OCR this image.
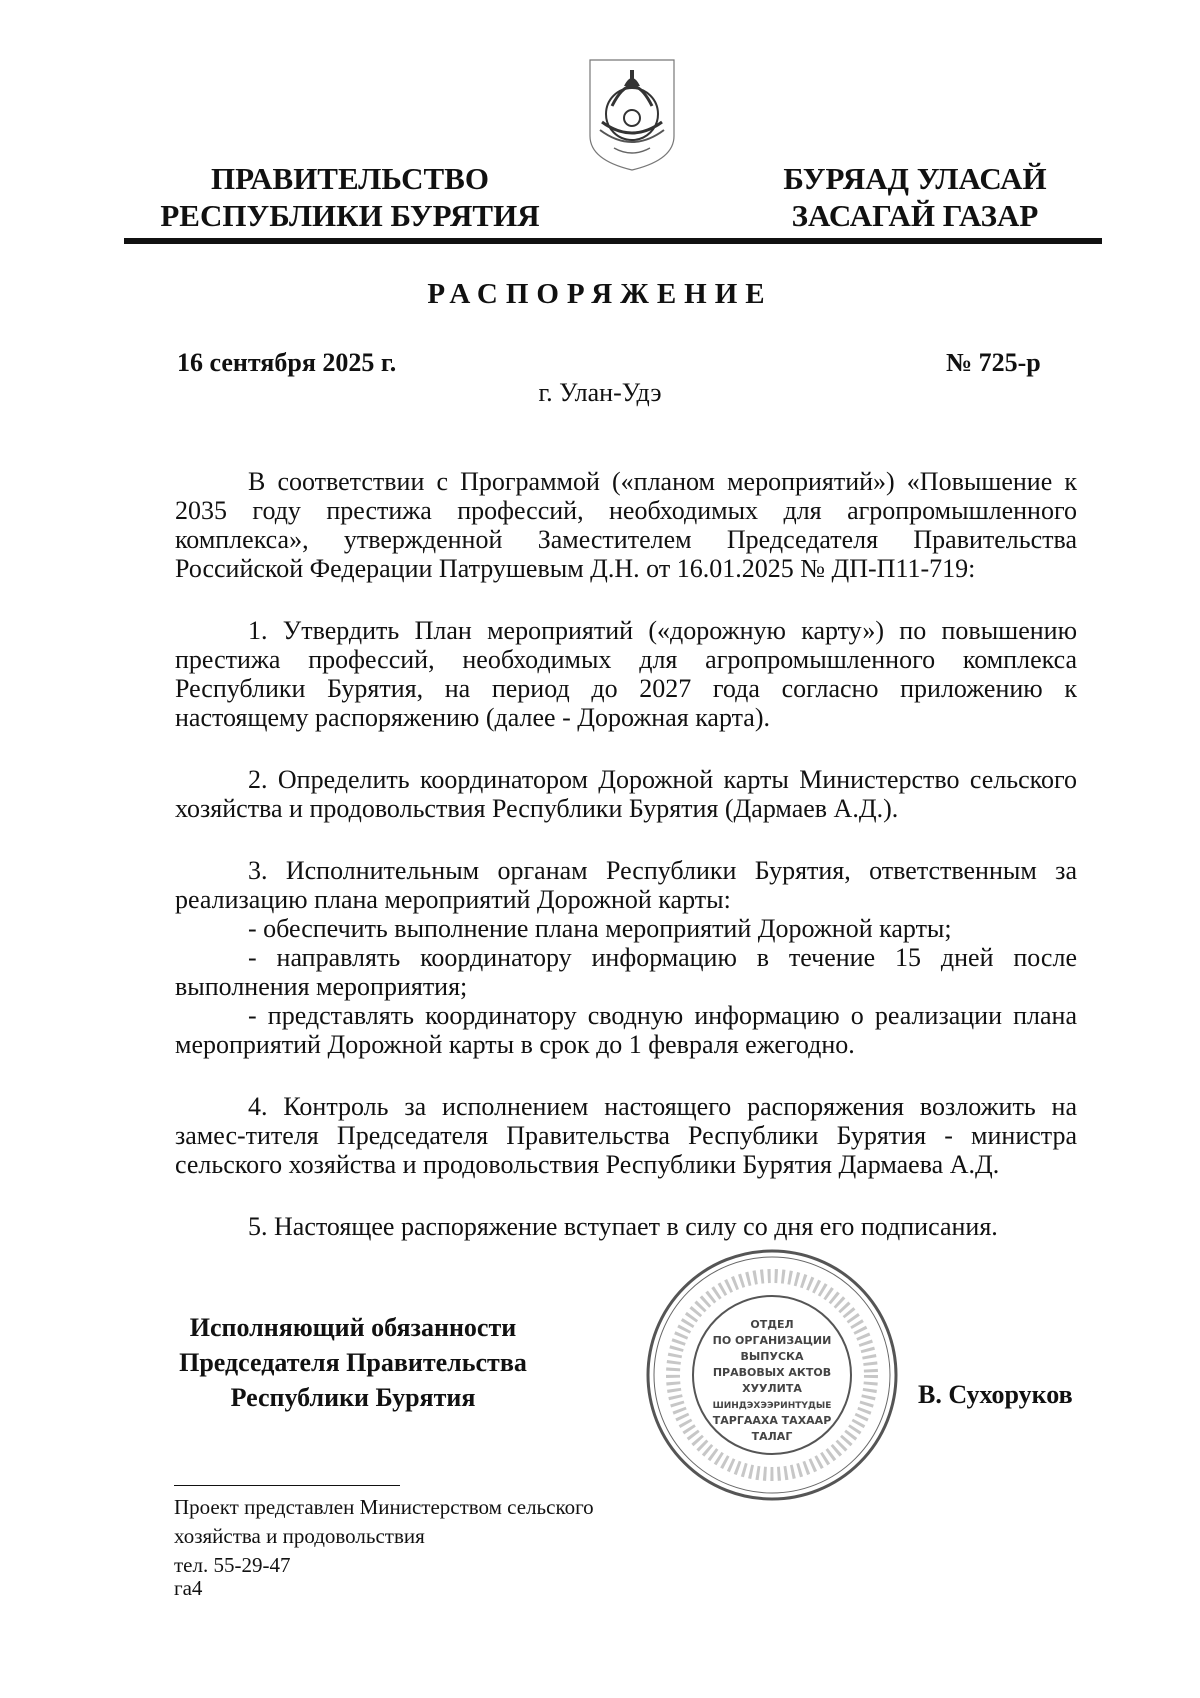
ПРАВИТЕЛЬСТВО
РЕСПУБЛИКИ БУРЯТИЯ
БУРЯАД УЛАСАЙ
ЗАСАГАЙ ГАЗАР
РАСПОРЯЖЕНИЕ
16 сентября 2025 г.	№ 725-р
г. Улан-Удэ

В соответствии с Программой («планом мероприятий») «Повышение к 2035 году престижа профессий, необходимых для агропромышленного комплекса», утвержденной Заместителем Председателя Правительства Российской Федерации Патрушевым Д.Н. от 16.01.2025 № ДП-П11-719:

1. Утвердить План мероприятий («дорожную карту») по повышению престижа профессий, необходимых для агропромышленного комплекса Республики Бурятия, на период до 2027 года согласно приложению к настоящему распоряжению (далее - Дорожная карта).

2. Определить координатором Дорожной карты Министерство сельского хозяйства и продовольствия Республики Бурятия (Дармаев А.Д.).

3. Исполнительным органам Республики Бурятия, ответственным за реализацию плана мероприятий Дорожной карты:

- обеспечить выполнение плана мероприятий Дорожной карты;

- направлять координатору информацию в течение 15 дней после выполнения мероприятия;

- представлять координатору сводную информацию о реализации плана мероприятий Дорожной карты в срок до 1 февраля ежегодно.

4. Контроль за исполнением настоящего распоряжения возложить на замес-тителя Председателя Правительства Республики Бурятия - министра сельского хозяйства и продовольствия Республики Бурятия Дармаева А.Д.

5. Настоящее распоряжение вступает в силу со дня его подписания.

Исполняющий обязанности
Председателя Правительства
Республики Бурятия
ОТДЕЛ
ПО ОРГАНИЗАЦИИ
ВЫПУСКА
ПРАВОВЫХ АКТОВ
ХУУЛИТА
ШИНДЭХЭЭРИНТҮДЫЕ
ТАРГААХА ТАХААР
ТАЛАГ
В. Сухоруков
Проект представлен Министерством сельского
хозяйства и продовольствия
тел. 55-29-47
га4
